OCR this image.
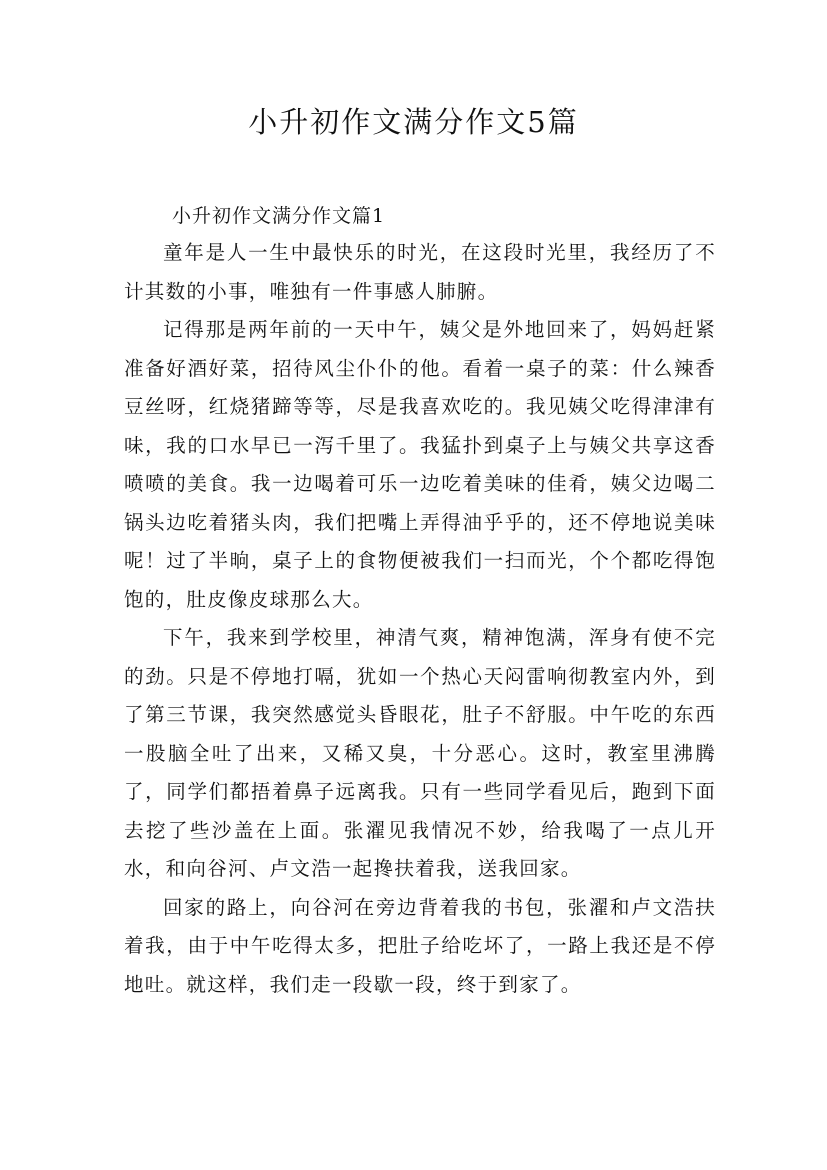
小升初作文满分作文5篇
小升初作文满分作文篇1

童年是人一生中最快乐的时光，在这段时光里，我经历了不计其数的小事，唯独有一件事感人肺腑。

记得那是两年前的一天中午，姨父是外地回来了，妈妈赶紧准备好酒好菜，招待风尘仆仆的他。看着一桌子的菜：什么辣香豆丝呀，红烧猪蹄等等，尽是我喜欢吃的。我见姨父吃得津津有味，我的口水早已一泻千里了。我猛扑到桌子上与姨父共享这香喷喷的美食。我一边喝着可乐一边吃着美味的佳肴，姨父边喝二锅头边吃着猪头肉，我们把嘴上弄得油乎乎的，还不停地说美味呢！过了半晌，桌子上的食物便被我们一扫而光，个个都吃得饱饱的，肚皮像皮球那么大。

下午，我来到学校里，神清气爽，精神饱满，浑身有使不完的劲。只是不停地打嗝，犹如一个热心天闷雷响彻教室内外，到了第三节课，我突然感觉头昏眼花，肚子不舒服。中午吃的东西一股脑全吐了出来，又稀又臭，十分恶心。这时，教室里沸腾了，同学们都捂着鼻子远离我。只有一些同学看见后，跑到下面去挖了些沙盖在上面。张濯见我情况不妙，给我喝了一点儿开水，和向谷河、卢文浩一起搀扶着我，送我回家。

回家的路上，向谷河在旁边背着我的书包，张濯和卢文浩扶着我，由于中午吃得太多，把肚子给吃坏了，一路上我还是不停地吐。就这样，我们走一段歇一段，终于到家了。
